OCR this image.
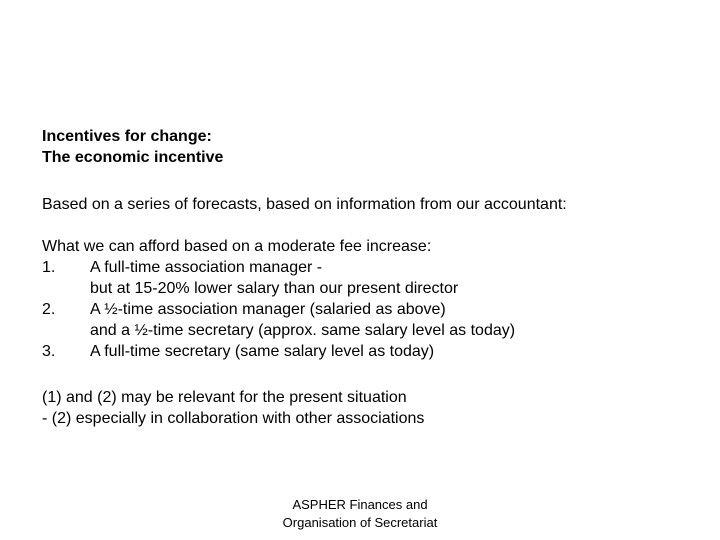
Incentives for change:
The economic incentive
Based on a series of forecasts, based on information from our accountant:
What we can afford based on a moderate fee increase:
1.	A full-time association manager -
but at 15-20% lower salary than our present director
2.	A ½-time association manager (salaried as above)
and a ½-time secretary (approx. same salary level as today)
3.	A full-time secretary (same salary level as today)
(1) and (2) may be relevant for the present situation
- (2) especially in collaboration with other associations
ASPHER Finances and
Organisation of Secretariat
